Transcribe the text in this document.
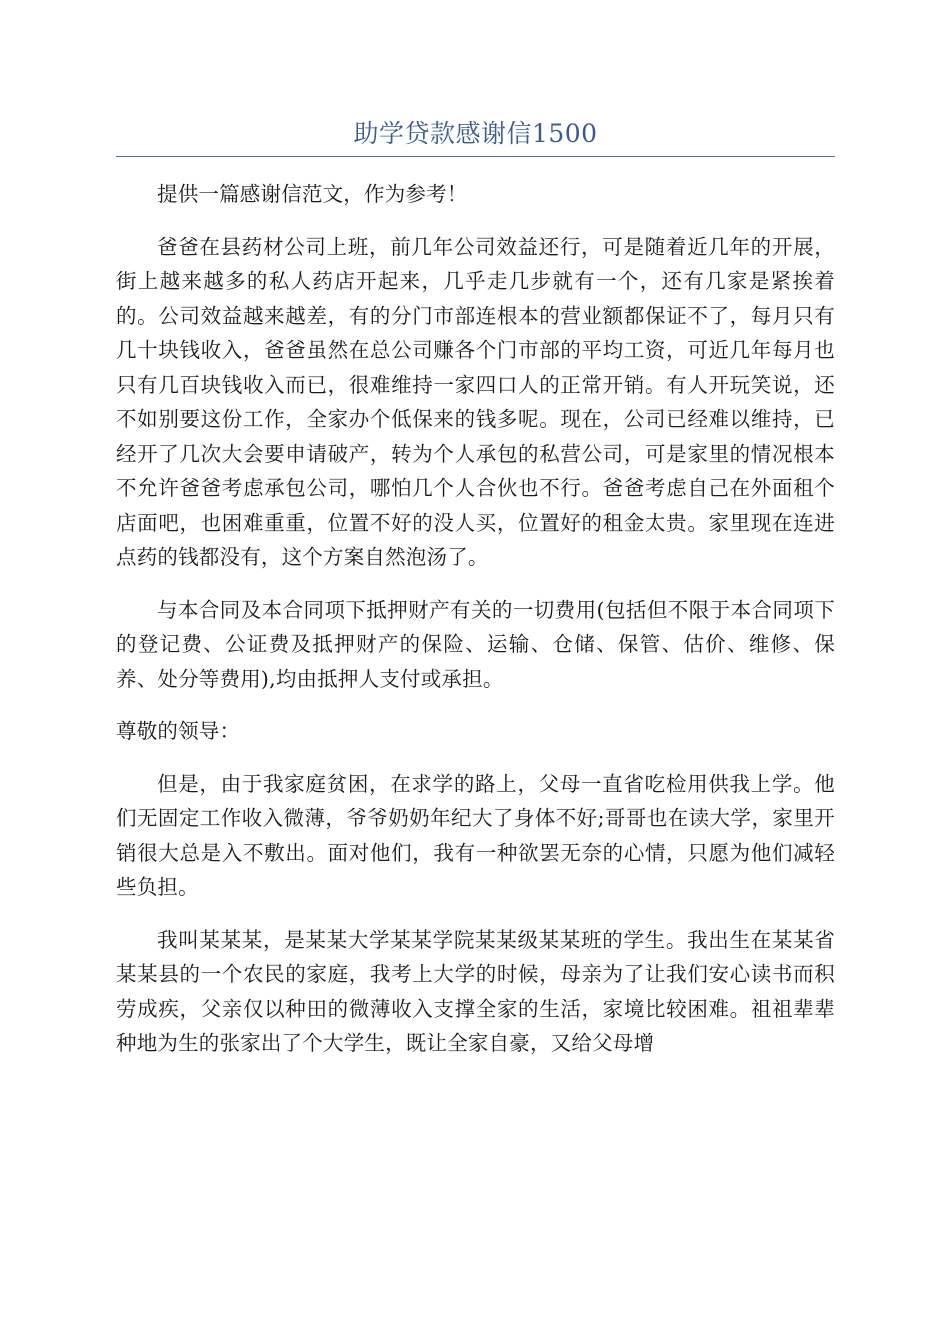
助学贷款感谢信1500

提供一篇感谢信范文，作为参考！

爸爸在县药材公司上班，前几年公司效益还行，可是随着近几年的开展，街上越来越多的私人药店开起来，几乎走几步就有一个，还有几家是紧挨着的。公司效益越来越差，有的分门市部连根本的营业额都保证不了，每月只有几十块钱收入，爸爸虽然在总公司赚各个门市部的平均工资，可近几年每月也只有几百块钱收入而已，很难维持一家四口人的正常开销。有人开玩笑说，还不如别要这份工作，全家办个低保来的钱多呢。现在，公司已经难以维持，已经开了几次大会要申请破产，转为个人承包的私营公司，可是家里的情况根本不允许爸爸考虑承包公司，哪怕几个人合伙也不行。爸爸考虑自己在外面租个店面吧，也困难重重，位置不好的没人买，位置好的租金太贵。家里现在连进点药的钱都没有，这个方案自然泡汤了。

与本合同及本合同项下抵押财产有关的一切费用(包括但不限于本合同项下的登记费、公证费及抵押财产的保险、运输、仓储、保管、估价、维修、保养、处分等费用),均由抵押人支付或承担。

尊敬的领导：

但是，由于我家庭贫困，在求学的路上，父母一直省吃检用供我上学。他们无固定工作收入微薄，爷爷奶奶年纪大了身体不好;哥哥也在读大学，家里开销很大总是入不敷出。面对他们，我有一种欲罢无奈的心情，只愿为他们减轻些负担。

我叫某某某，是某某大学某某学院某某级某某班的学生。我出生在某某省某某县的一个农民的家庭，我考上大学的时候，母亲为了让我们安心读书而积劳成疾，父亲仅以种田的微薄收入支撑全家的生活，家境比较困难。祖祖辈辈种地为生的张家出了个大学生，既让全家自豪，又给父母增
